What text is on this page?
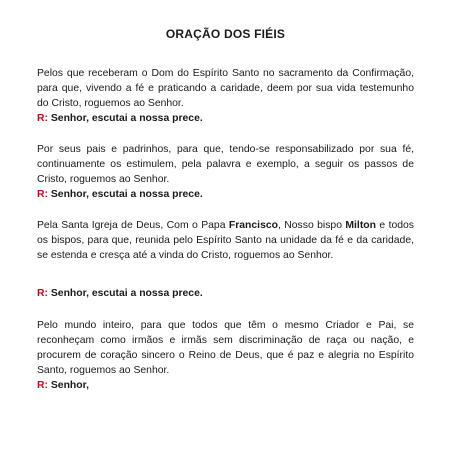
ORAÇÃO DOS FIÉIS
Pelos que receberam o Dom do Espírito Santo no sacramento da Confirmação, para que, vivendo a fé e praticando a caridade, deem por sua vida testemunho do Cristo, roguemos ao Senhor.
R: Senhor, escutai a nossa prece.
Por seus pais e padrinhos, para que, tendo-se responsabilizado por sua fé, continuamente os estimulem, pela palavra e exemplo, a seguir os passos de Cristo, roguemos ao Senhor.
R: Senhor, escutai a nossa prece.
Pela Santa Igreja de Deus, Com o Papa Francisco, Nosso bispo Milton e todos os bispos, para que, reunida pelo Espírito Santo na unidade da fé e da caridade, se estenda e cresça até a vinda do Cristo, roguemos ao Senhor.
R: Senhor, escutai a nossa prece.
Pelo mundo inteiro, para que todos que têm o mesmo Criador e Pai, se reconheçam como irmãos e irmãs sem discriminação de raça ou nação, e procurem de coração sincero o Reino de Deus, que é paz e alegria no Espírito Santo, roguemos ao Senhor.
R: Senhor,
